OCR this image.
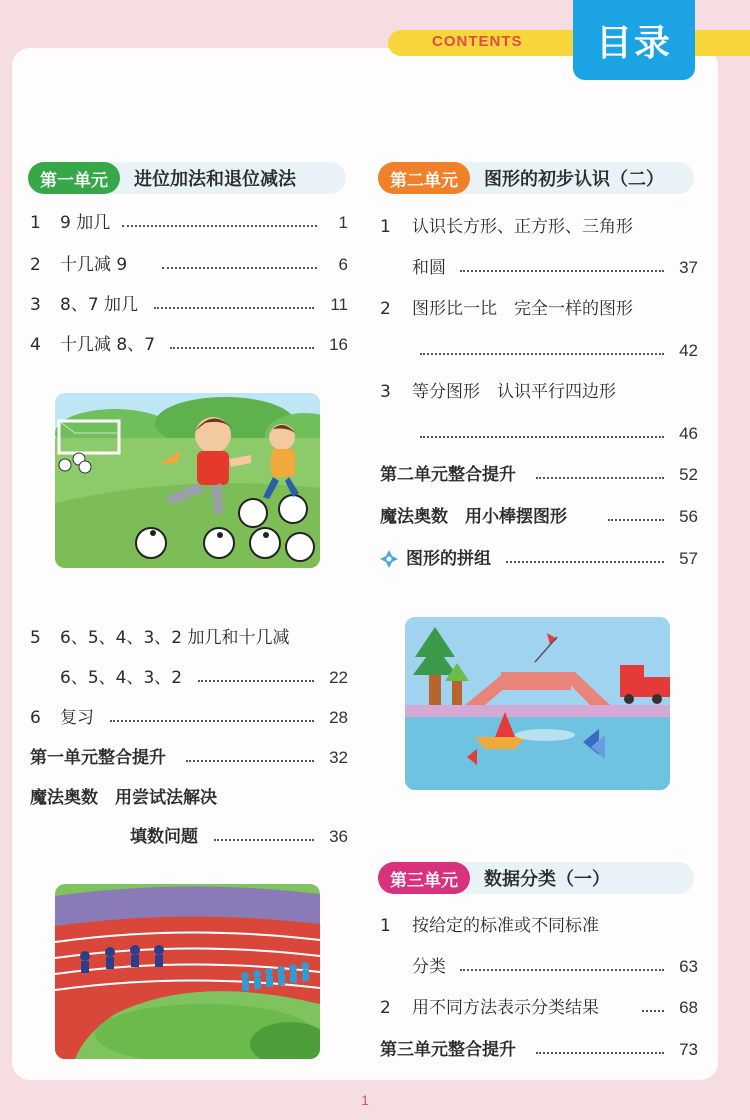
CONTENTS	目录
第一单元	进位加法和退位减法
1 9 加几	1
2 十几减 9	6
3 8、7 加几	11
4 十几减 8、7	16
5 6、5、4、3、2 加几和十几减
6、5、4、3、2	22
6 复习	28
第一单元整合提升	32
魔法奥数　用尝试法解决
填数问题	36
第二单元	图形的初步认识（二）
1 认识长方形、正方形、三角形
和圆	37
2 图形比一比　完全一样的图形
42
3 等分图形　认识平行四边形
46
第二单元整合提升	52
魔法奥数　用小棒摆图形	56
图形的拼组	57
第三单元	数据分类（一）
1 按给定的标准或不同标准
分类	63
2 用不同方法表示分类结果	68
第三单元整合提升	73
1
